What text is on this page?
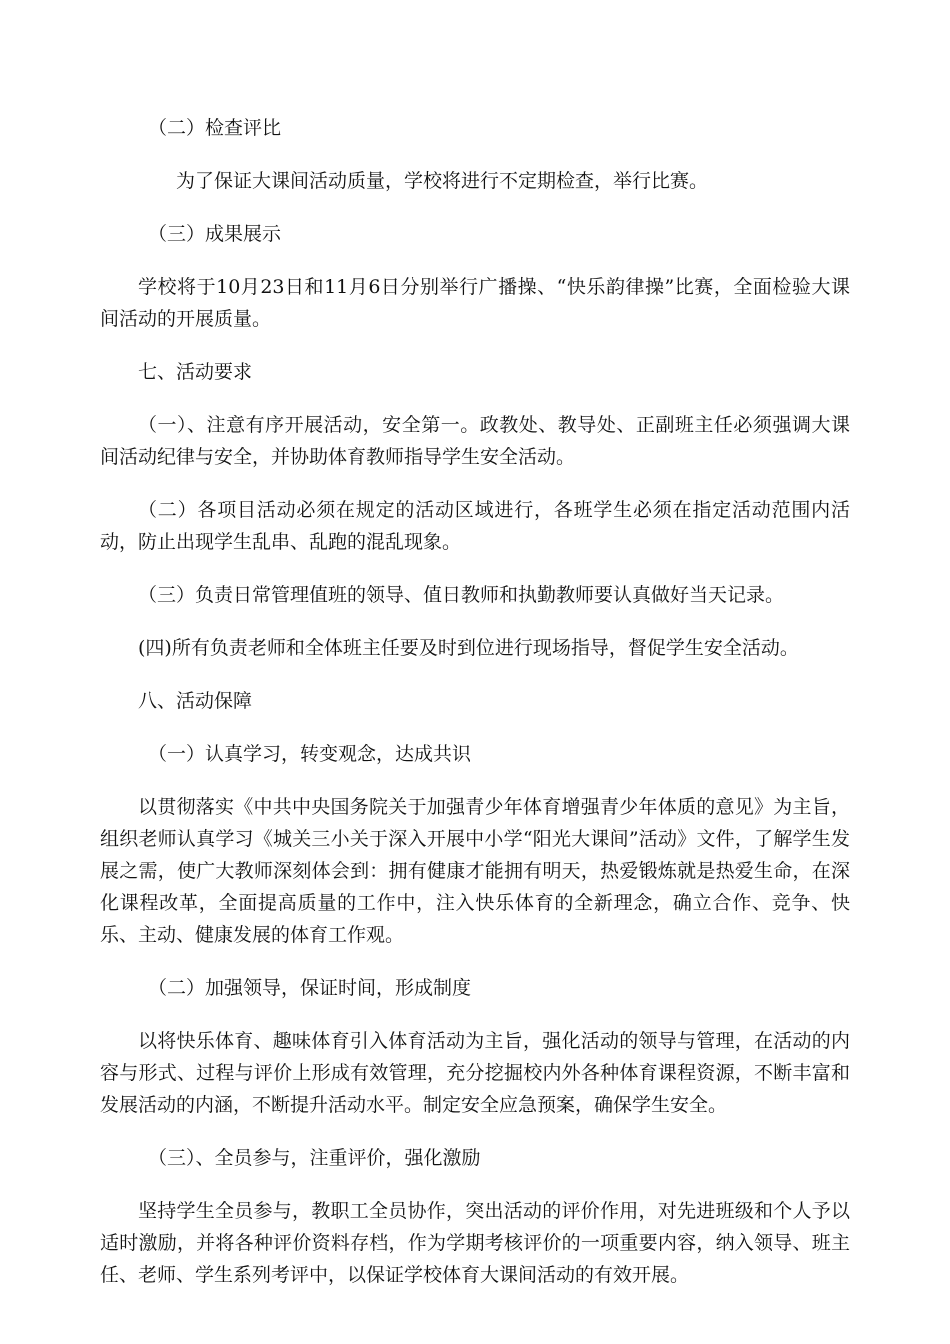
（二）检查评比

为了保证大课间活动质量，学校将进行不定期检查，举行比赛。

（三）成果展示

学校将于10月23日和11月6日分别举行广播操、“快乐韵律操”比赛，全面检验大课间活动的开展质量。

七、活动要求

（一）、注意有序开展活动，安全第一。政教处、教导处、正副班主任必须强调大课间活动纪律与安全，并协助体育教师指导学生安全活动。

（二）各项目活动必须在规定的活动区域进行，各班学生必须在指定活动范围内活动，防止出现学生乱串、乱跑的混乱现象。

（三）负责日常管理值班的领导、值日教师和执勤教师要认真做好当天记录。

(四)所有负责老师和全体班主任要及时到位进行现场指导，督促学生安全活动。

八、活动保障

（一）认真学习，转变观念，达成共识

以贯彻落实《中共中央国务院关于加强青少年体育增强青少年体质的意见》为主旨，组织老师认真学习《城关三小关于深入开展中小学“阳光大课间”活动》文件，了解学生发展之需，使广大教师深刻体会到：拥有健康才能拥有明天，热爱锻炼就是热爱生命，在深化课程改革，全面提高质量的工作中，注入快乐体育的全新理念，确立合作、竞争、快乐、主动、健康发展的体育工作观。

（二）加强领导，保证时间，形成制度

以将快乐体育、趣味体育引入体育活动为主旨，强化活动的领导与管理，在活动的内容与形式、过程与评价上形成有效管理，充分挖掘校内外各种体育课程资源，不断丰富和发展活动的内涵，不断提升活动水平。制定安全应急预案，确保学生安全。

（三）、全员参与，注重评价，强化激励

坚持学生全员参与，教职工全员协作，突出活动的评价作用，对先进班级和个人予以适时激励，并将各种评价资料存档，作为学期考核评价的一项重要内容，纳入领导、班主任、老师、学生系列考评中，以保证学校体育大课间活动的有效开展。
